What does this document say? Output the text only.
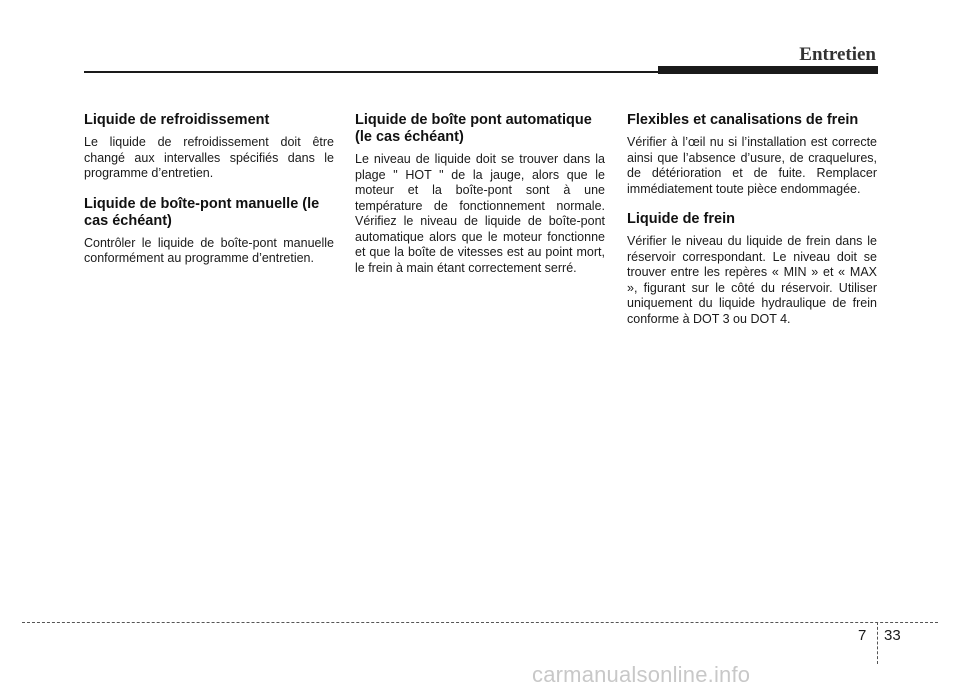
Entretien
Liquide de refroidissement

Le liquide de refroidissement doit être changé aux intervalles spécifiés dans le programme d’entretien.

Liquide de boîte-pont manuelle (le cas échéant)

Contrôler le liquide de boîte-pont manuelle conformément au programme d’entretien.

Liquide de boîte pont automatique (le cas échéant)

Le niveau de liquide doit se trouver dans la plage " HOT " de la jauge, alors que le moteur et la boîte-pont sont à une température de fonctionnement normale. Vérifiez le niveau de liquide de boîte-pont automatique alors que le moteur fonctionne et que la boîte de vitesses est au point mort, le frein à main étant correctement serré.

Flexibles et canalisations de frein

Vérifier à l’œil nu si l’installation est correcte ainsi que l’absence d’usure, de craquelures, de détérioration et de fuite. Remplacer immédiatement toute pièce endommagée.

Liquide de frein

Vérifier le niveau du liquide de frein dans le réservoir correspondant. Le niveau doit se trouver entre les repères « MIN » et « MAX », figurant sur le côté du réservoir. Utiliser uniquement du liquide hydraulique de frein conforme à DOT 3 ou DOT 4.

7 33
carmanualsonline.info
